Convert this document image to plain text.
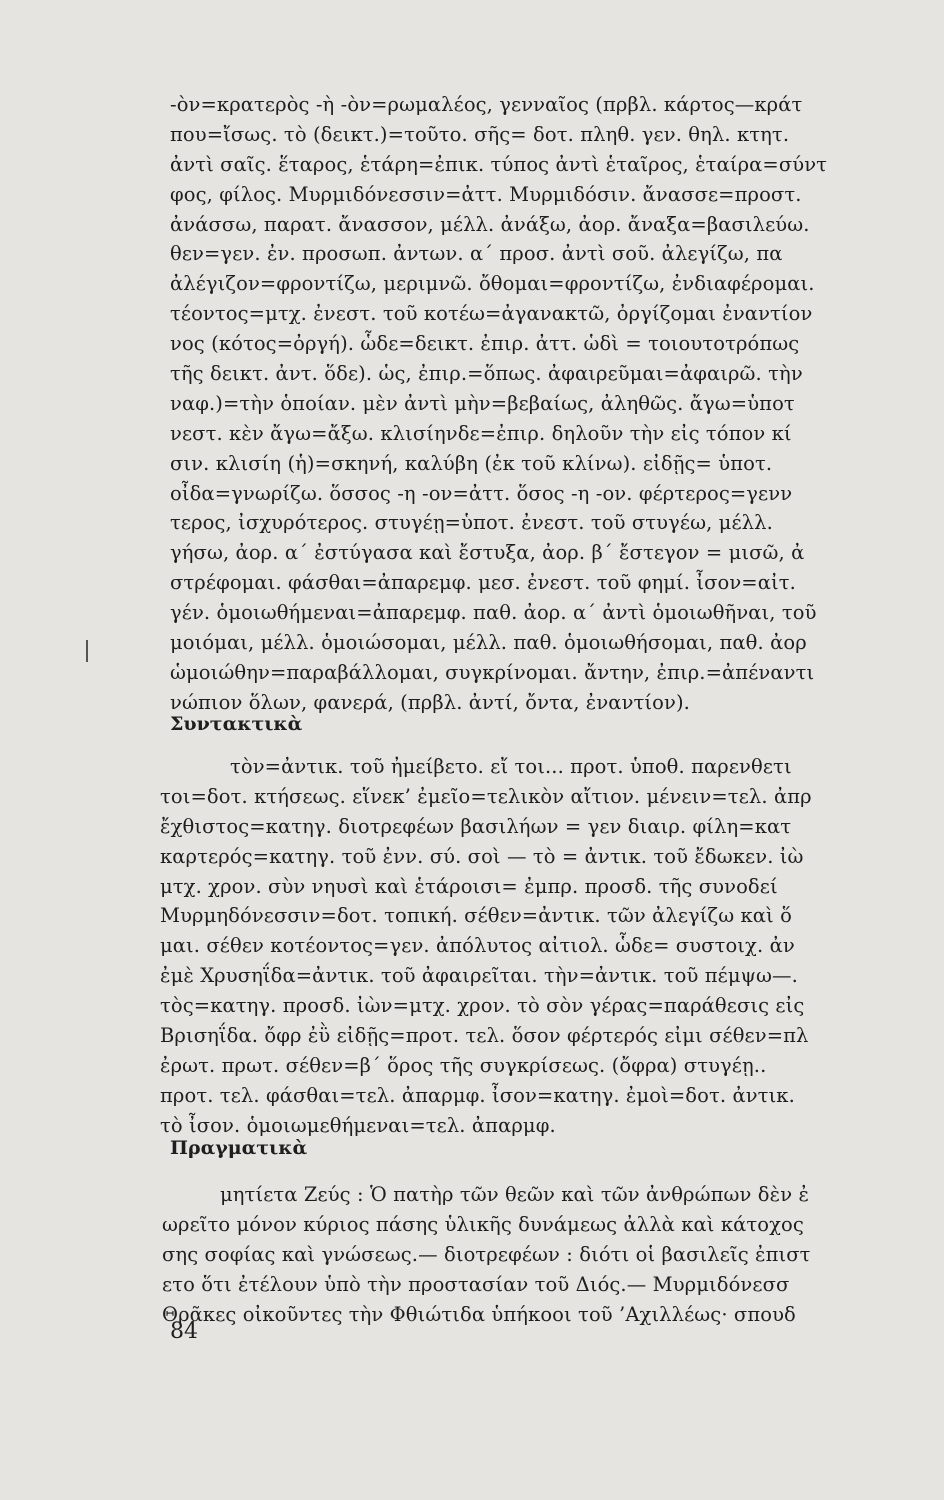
-ὸν=κρατερὸς -ὴ -ὸν=ρωμαλέος, γενναῖος (πρβλ. κάρτος—κράτ
που=ἴσως. τὸ (δεικτ.)=τοῦτο. σῆς= δοτ. πληθ. γεν. θηλ. κτητ.
ἀντὶ σαῖς. ἕταρος, ἑτάρη=ἐπικ. τύπος ἀντὶ ἑταῖρος, ἑταίρα=σύντ
φος, φίλος. Μυρμιδόνεσσιν=ἀττ. Μυρμιδόσιν. ἄνασσε=προστ.
ἀνάσσω, παρατ. ἄνασσον, μέλλ. ἀνάξω, ἀορ. ἄναξα=βασιλεύω.
θεν=γεν. ἐν. προσωπ. ἀντων. α΄ προσ. ἀντὶ σοῦ. ἀλεγίζω, πα
ἀλέγιζον=φροντίζω, μεριμνῶ. ὄθομαι=φροντίζω, ἐνδιαφέρομαι.
τέοντος=μτχ. ἐνεστ. τοῦ κοτέω=ἀγανακτῶ, ὀργίζομαι ἐναντίον
νος (κότος=ὀργή). ὧδε=δεικτ. ἐπιρ. ἀττ. ὡδὶ = τοιουτοτρόπως
τῆς δεικτ. ἀντ. ὅδε). ὡς, ἐπιρ.=ὅπως. ἀφαιρεῦμαι=ἀφαιρῶ. τὴν
ναφ.)=τὴν ὁποίαν. μὲν ἀντὶ μὴν=βεβαίως, ἀληθῶς. ἄγω=ὑποτ
νεστ. κὲν ἄγω=ἄξω. κλισίηνδε=ἐπιρ. δηλοῦν τὴν εἰς τόπον κί
σιν. κλισίη (ἡ)=σκηνή, καλύβη (ἐκ τοῦ κλίνω). εἰδῇς= ὑποτ.
οἶδα=γνωρίζω. ὅσσος -η -ον=ἀττ. ὅσος -η -ον. φέρτερος=γενν
τερος, ἰσχυρότερος. στυγέῃ=ὑποτ. ἐνεστ. τοῦ στυγέω, μέλλ.
γήσω, ἀορ. α΄ ἐστύγασα καὶ ἔστυξα, ἀορ. β΄ ἔστεγον = μισῶ, ἀ
στρέφομαι. φάσθαι=ἀπαρεμφ. μεσ. ἐνεστ. τοῦ φημί. ἶσον=αἰτ.
γέν. ὁμοιωθήμεναι=ἀπαρεμφ. παθ. ἀορ. α΄ ἀντὶ ὁμοιωθῆναι, τοῦ
μοιόμαι, μέλλ. ὁμοιώσομαι, μέλλ. παθ. ὁμοιωθήσομαι, παθ. ἀορ
ὡμοιώθην=παραβάλλομαι, συγκρίνομαι. ἄντην, ἐπιρ.=ἀπέναντι
νώπιον ὅλων, φανερά, (πρβλ. ἀντί, ὄντα, ἐναντίον).
Συντακτικὰ
τὸν=ἀντικ. τοῦ ἠμείβετο. εἴ τοι... προτ. ὑποθ. παρενθετι
τοι=δοτ. κτήσεως. εἵνεκ’ ἐμεῖο=τελικὸν αἴτιον. μένειν=τελ. ἀπρ
ἔχθιστος=κατηγ. διοτρεφέων βασιλήων = γεν διαιρ. φίλη=κατ
καρτερός=κατηγ. τοῦ ἐνν. σύ. σοὶ — τὸ = ἀντικ. τοῦ ἔδωκεν. ἰὼ
μτχ. χρον. σὺν νηυσὶ καὶ ἑτάροισι= ἐμπρ. προσδ. τῆς συνοδεί
Μυρμηδόνεσσιν=δοτ. τοπική. σέθεν=ἀντικ. τῶν ἀλεγίζω καὶ ὅ
μαι. σέθεν κοτέοντος=γεν. ἀπόλυτος αἰτιολ. ὧδε= συστοιχ. ἀν
ἐμὲ Χρυσηΐδα=ἀντικ. τοῦ ἀφαιρεῖται. τὴν=ἀντικ. τοῦ πέμψω—.
τὸς=κατηγ. προσδ. ἰὼν=μτχ. χρον. τὸ σὸν γέρας=παράθεσις εἰς
Βρισηΐδα. ὄφρ ἐῢ εἰδῇς=προτ. τελ. ὅσον φέρτερός εἰμι σέθεν=πλ
ἐρωτ. πρωτ. σέθεν=β΄ ὅρος τῆς συγκρίσεως. (ὄφρα) στυγέῃ..
προτ. τελ. φάσθαι=τελ. ἀπαρμφ. ἶσον=κατηγ. ἐμοὶ=δοτ. ἀντικ.
τὸ ἶσον. ὁμοιωμεθήμεναι=τελ. ἀπαρμφ.
Πραγματικὰ
μητίετα Ζεύς : Ὁ πατὴρ τῶν θεῶν καὶ τῶν ἀνθρώπων δὲν ἐ
ωρεῖτο μόνον κύριος πάσης ὑλικῆς δυνάμεως ἀλλὰ καὶ κάτοχος
σης σοφίας καὶ γνώσεως.— διοτρεφέων : διότι οἱ βασιλεῖς ἐπιστ
ετο ὅτι ἐτέλουν ὑπὸ τὴν προστασίαν τοῦ Διός.— Μυρμιδόνεσσ
Θρᾶκες οἰκοῦντες τὴν Φθιώτιδα ὑπήκοοι τοῦ ’Αχιλλέως· σπουδ
84
